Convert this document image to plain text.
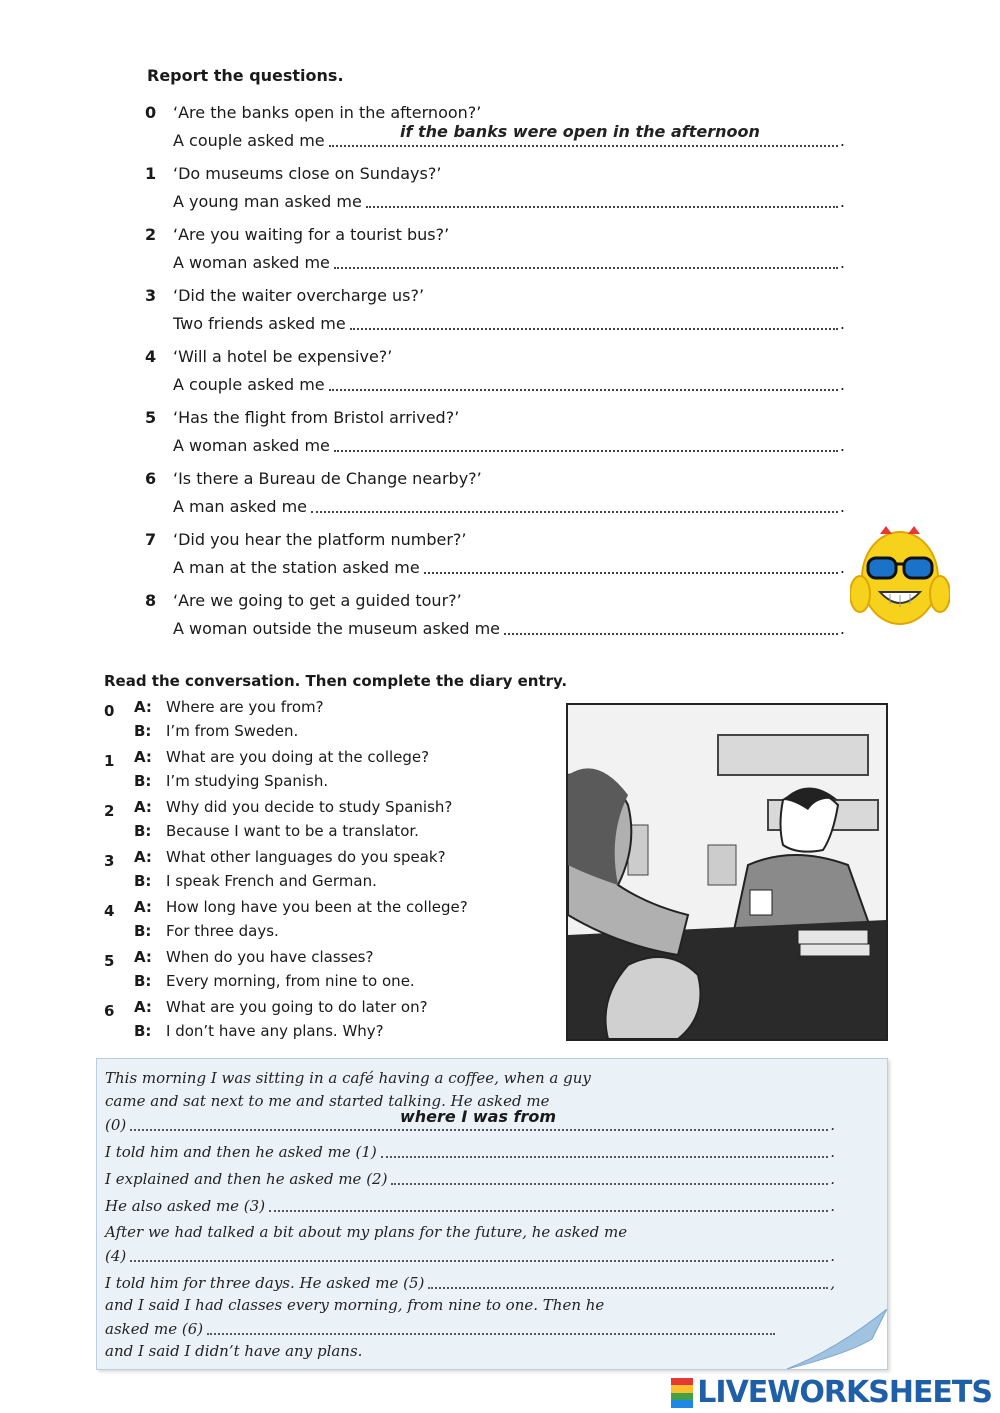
Report the questions.
0	‘Are the banks open in the afternoon?’
A couple asked me	.
if the banks were open in the afternoon
1	‘Do museums close on Sundays?’
A young man asked me	.
2	‘Are you waiting for a tourist bus?’
A woman asked me	.
3	‘Did the waiter overcharge us?’
Two friends asked me	.
4	‘Will a hotel be expensive?’
A couple asked me	.
5	‘Has the flight from Bristol arrived?’
A woman asked me	.
6	‘Is there a Bureau de Change nearby?’
A man asked me	.
7	‘Did you hear the platform number?’
A man at the station asked me	.
8	‘Are we going to get a guided tour?’
A woman outside the museum asked me	.
Read the conversation. Then complete the diary entry.
0 A: Where are you from?
B: I’m from Sweden.
1 A: What are you doing at the college?
B: I’m studying Spanish.
2 A: Why did you decide to study Spanish?
B: Because I want to be a translator.
3 A: What other languages do you speak?
B: I speak French and German.
4 A: How long have you been at the college?
B: For three days.
5 A: When do you have classes?
B: Every morning, from nine to one.
6 A: What are you going to do later on?
B: I don’t have any plans. Why?
This morning I was sitting in a café having a coffee, when a guy
came and sat next to me and started talking. He asked me
(0)	.
I told him and then he asked me (1)	.
I explained and then he asked me (2)	.
He also asked me (3)	.
After we had talked a bit about my plans for the future, he asked me
(4)	.
I told him for three days. He asked me (5)	,
and I said I had classes every morning, from nine to one. Then he
asked me (6)
and I said I didn’t have any plans.
where I was from
LIVEWORKSHEETS
